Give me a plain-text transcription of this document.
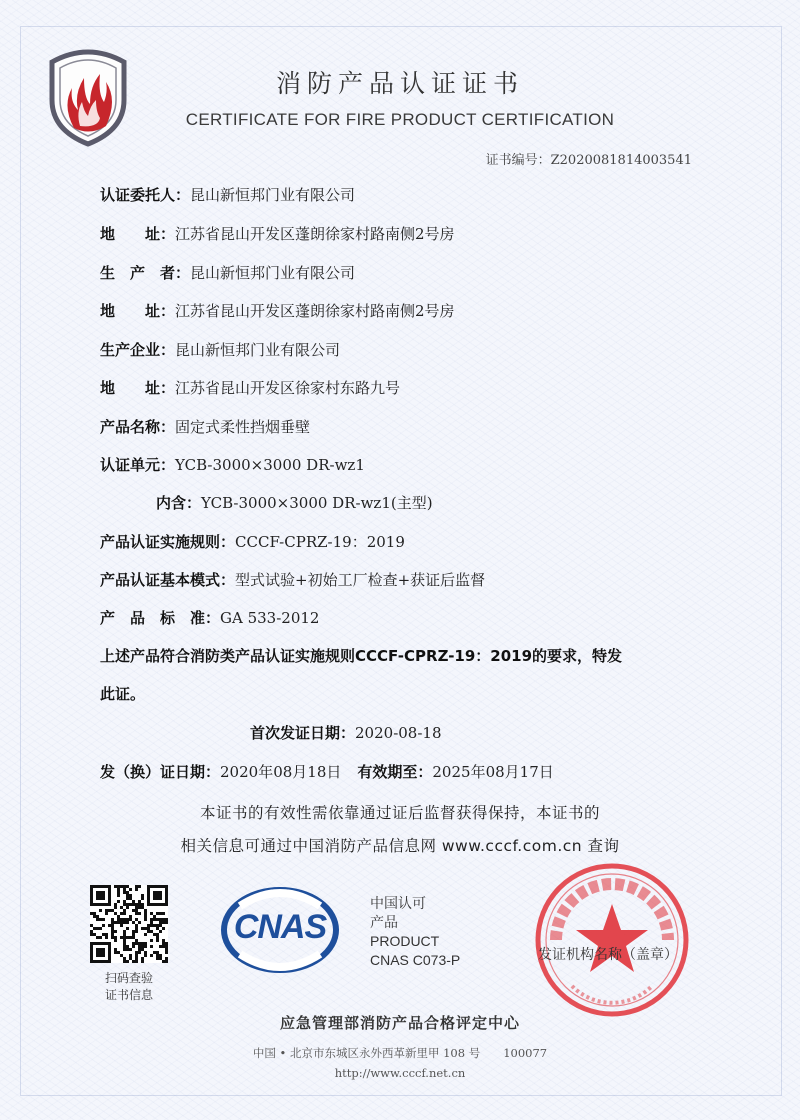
消防产品认证证书
CERTIFICATE FOR FIRE PRODUCT CERTIFICATION
证书编号：Z2020081814003541
认证委托人：昆山新恒邦门业有限公司
地　　址：江苏省昆山开发区蓬朗徐家村路南侧2号房
生　产　者：昆山新恒邦门业有限公司
地　　址：江苏省昆山开发区蓬朗徐家村路南侧2号房
生产企业：昆山新恒邦门业有限公司
地　　址：江苏省昆山开发区徐家村东路九号
产品名称：固定式柔性挡烟垂壁
认证单元：YCB-3000×3000 DR-wz1
内含：YCB-3000×3000 DR-wz1(主型)
产品认证实施规则：CCCF-CPRZ-19：2019
产品认证基本模式：型式试验+初始工厂检查+获证后监督
产　品　标　准：GA 533-2012
上述产品符合消防类产品认证实施规则CCCF-CPRZ-19：2019的要求，特发
此证。
首次发证日期：2020-08-18
发（换）证日期：2020年08月18日 有效期至：2025年08月17日
本证书的有效性需依靠通过证后监督获得保持，本证书的
相关信息可通过中国消防产品信息网 www.cccf.com.cn 查询
扫码查验
证书信息
CNAS
中国认可
产品
PRODUCT
CNAS C073-P	发证机构名称（盖章）
应急管理部消防产品合格评定中心
中国 • 北京市东城区永外西革新里甲 108 号　　100077
http://www.cccf.net.cn
